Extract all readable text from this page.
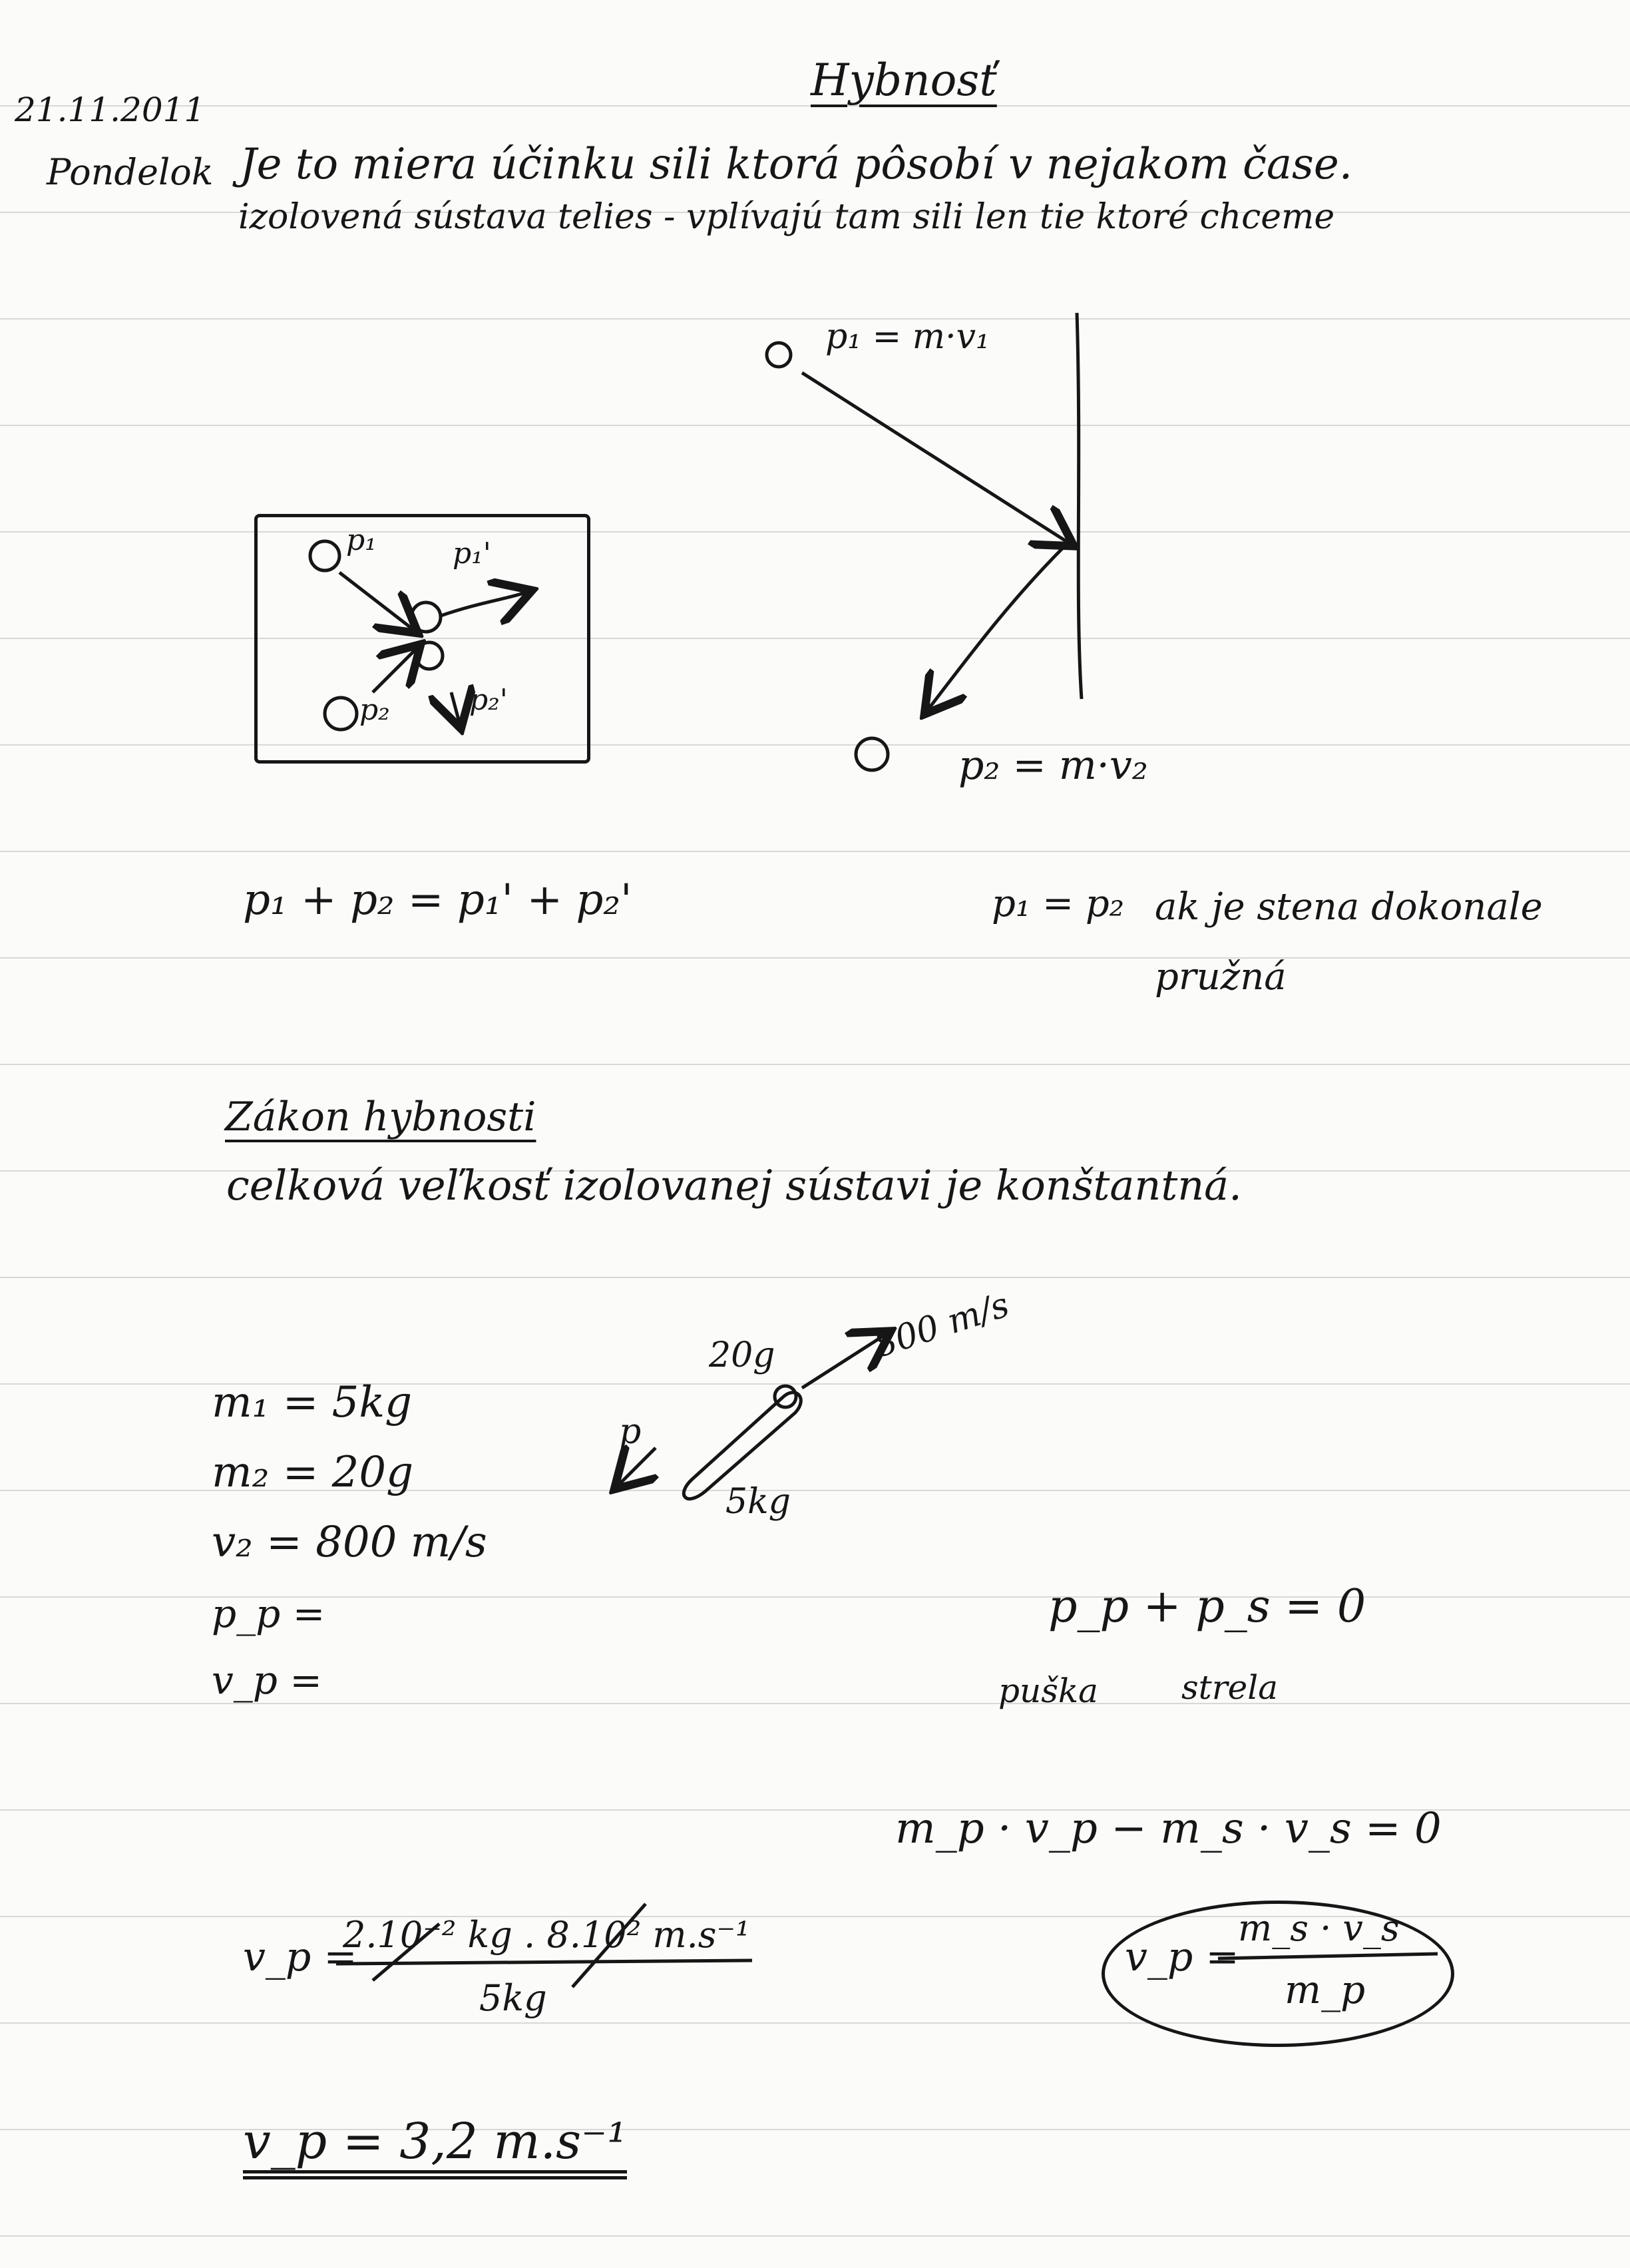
21.11.2011
Pondelok
Hybnosť
Je to miera účinku sili ktorá pôsobí v nejakom čase.
izolovená sústava telies - vplívajú tam sili len tie ktoré chceme
p₁	p₁'
p₂	p₂'
p₁ + p₂ = p₁' + p₂'
p₁ = m·v₁
p₂ = m·v₂
p₁ = p₂ ak je stena dokonale
pružná
Zákon hybnosti
celková veľkosť izolovanej sústavi je konštantná.
m₁ = 5kg
m₂ = 20g
v₂ = 800 m/s
p_p =
v_p =
20g	800 m/s
p
5kg
p_p + p_s = 0
puška	strela
m_p · v_p − m_s · v_s = 0
v_p =
m_s · v_s
m_p
v_p =
2.10⁻² kg . 8.10² m.s⁻¹
5kg
v_p = 3,2 m.s⁻¹
